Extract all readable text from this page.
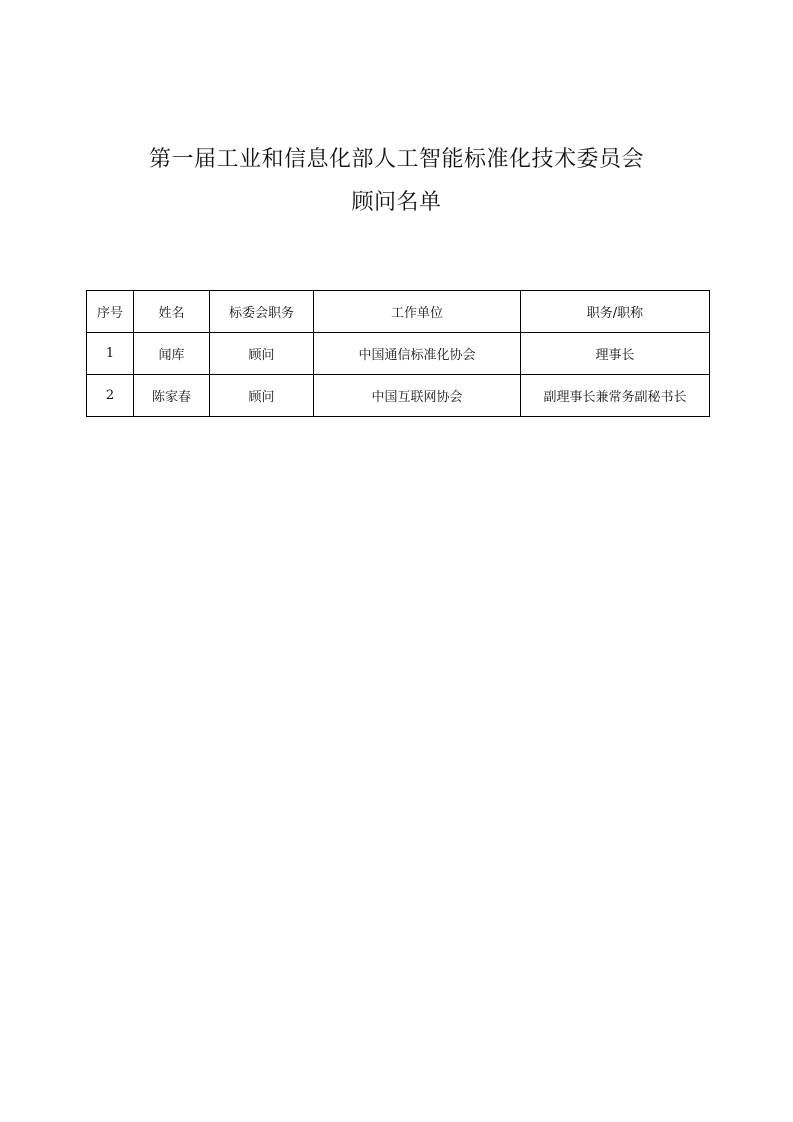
第一届工业和信息化部人工智能标准化技术委员会
顾问名单
序号	姓名	标委会职务	工作单位	职务/职称
1	闻库	顾问	中国通信标准化协会	理事长
2	陈家春	顾问	中国互联网协会	副理事长兼常务副秘书长
